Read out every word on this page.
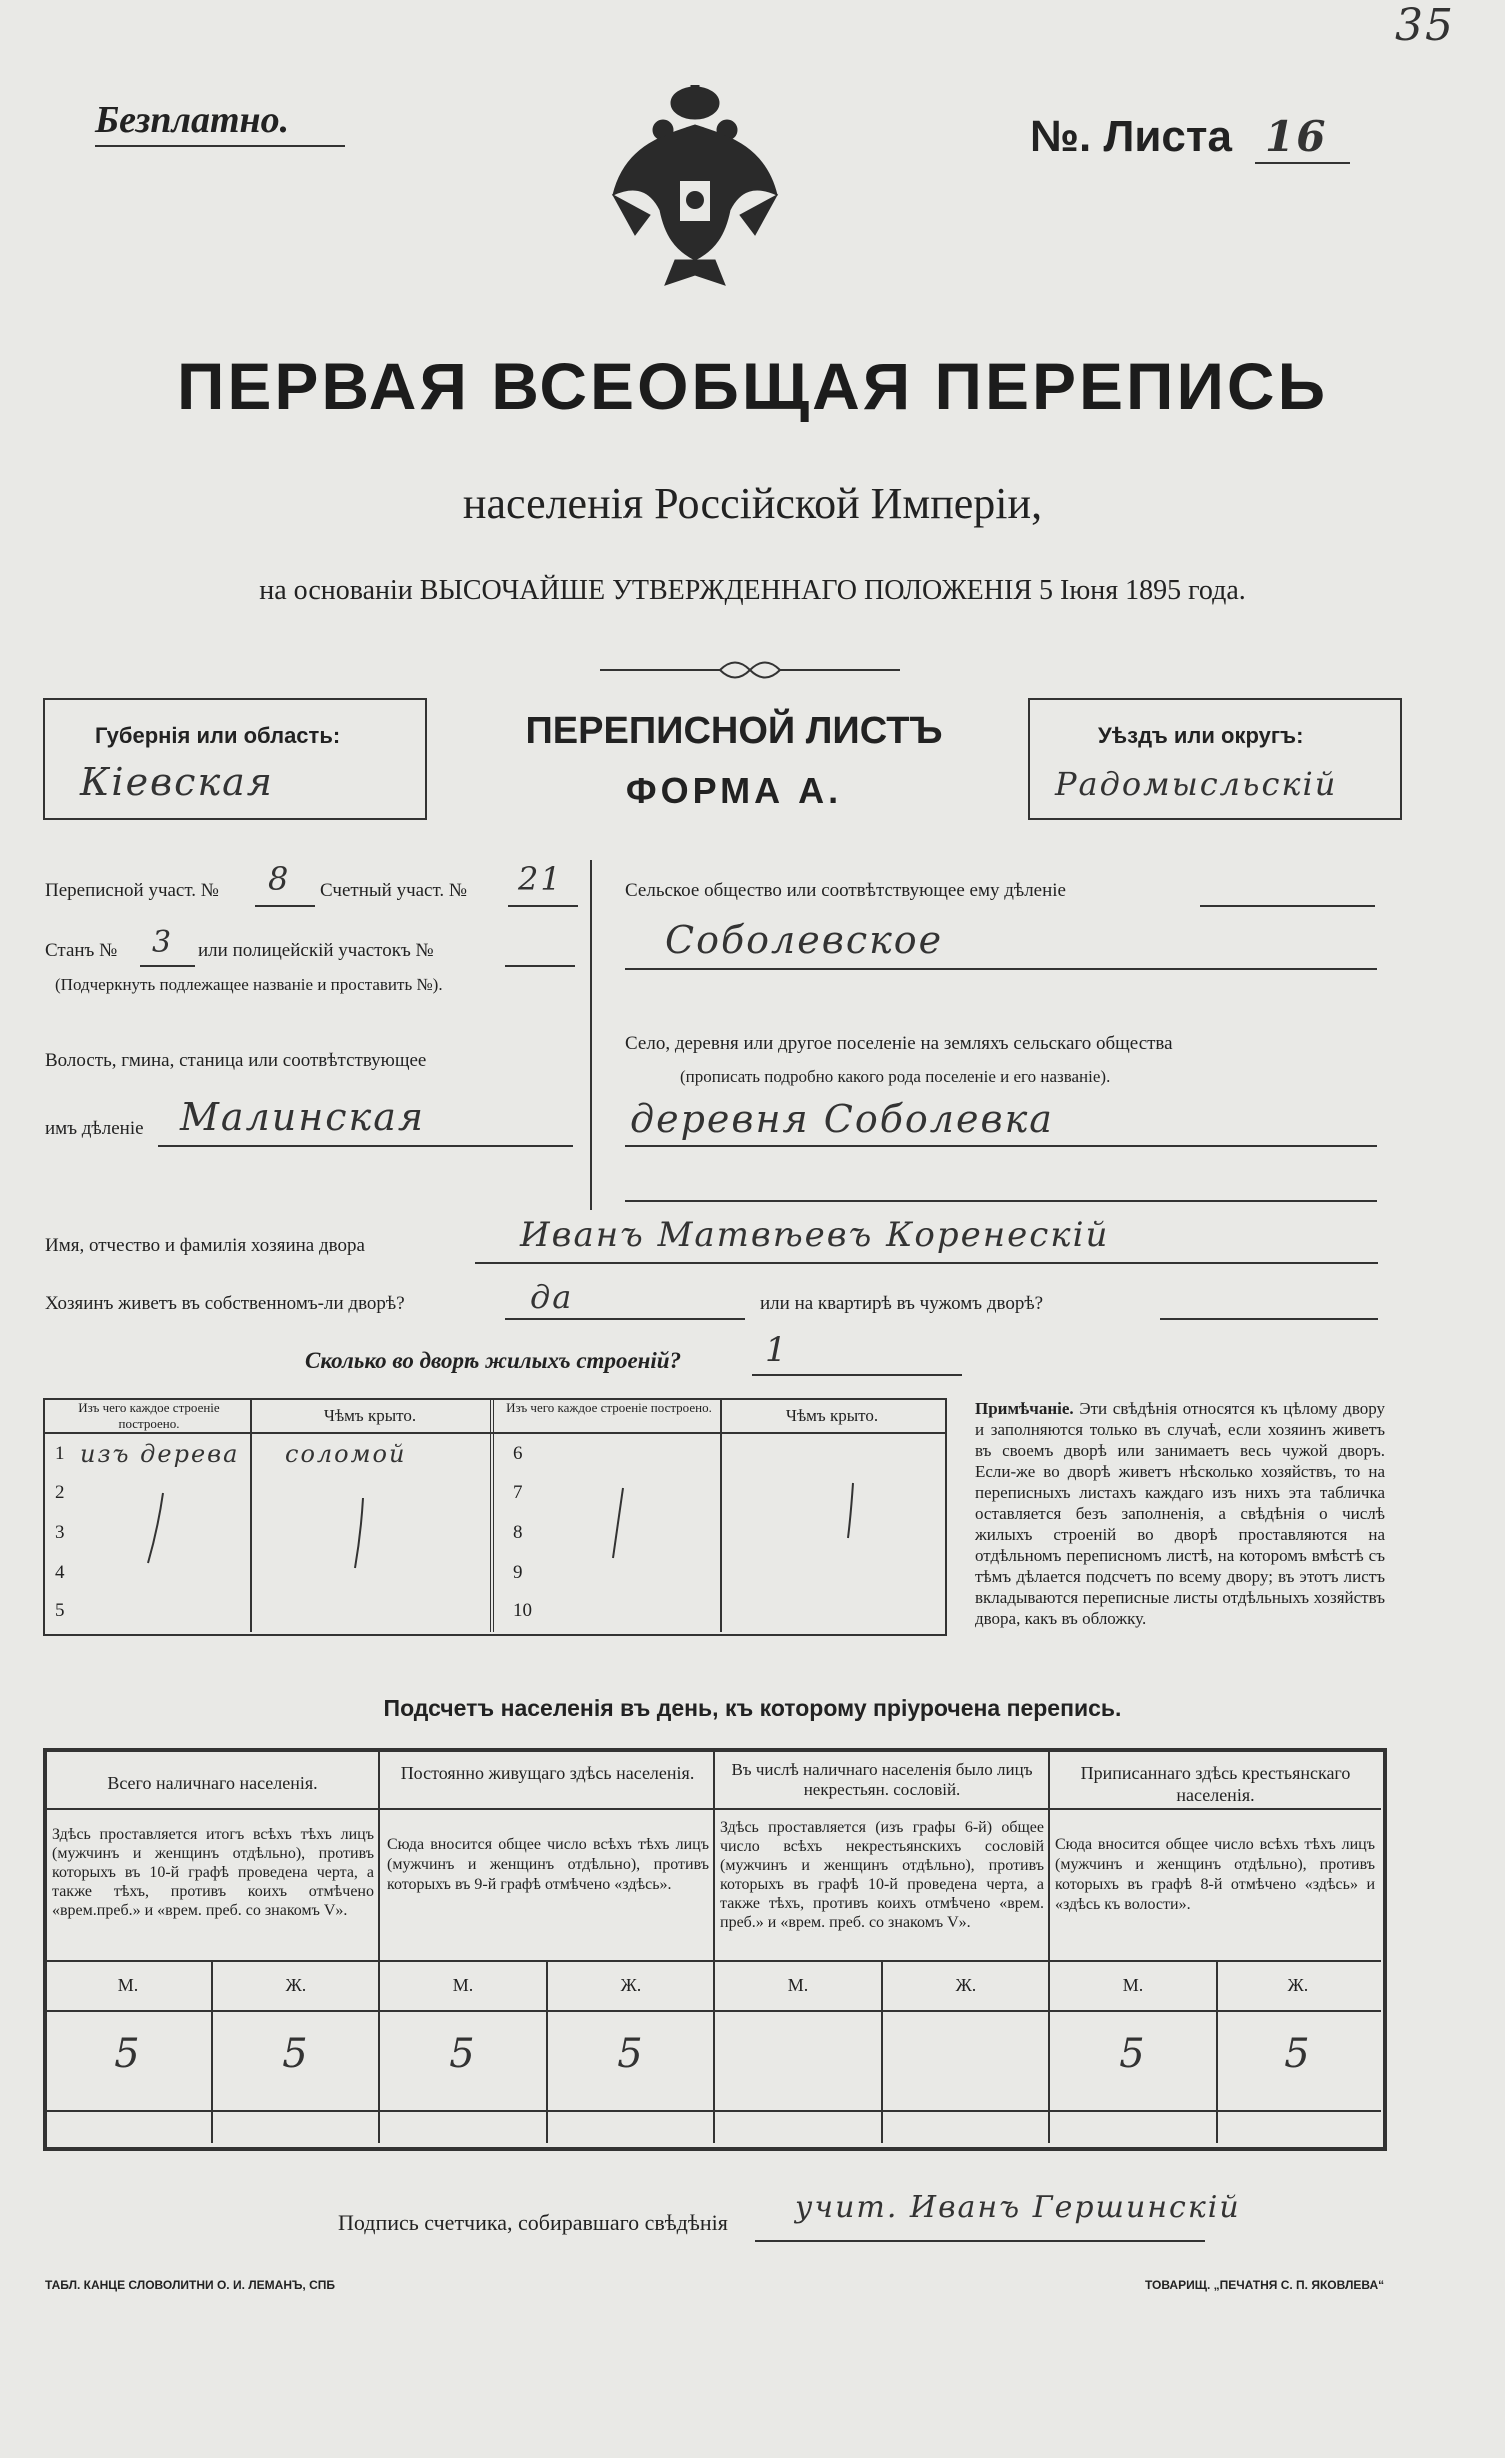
35
Безплатно.	№. Листа 16
ПЕРВАЯ ВСЕОБЩАЯ ПЕРЕПИСЬ
населенія Россійской Имперіи,
на основаніи ВЫСОЧАЙШЕ УТВЕРЖДЕННАГО ПОЛОЖЕНІЯ 5 Іюня 1895 года.
Губернія или область:
Кіевская
ПЕРЕПИСНОЙ ЛИСТЪ
ФОРМА А.
Уѣздъ или округъ:
Радомысльскій
Переписной участ. № 8 Счетный участ. № 21
Станъ № 3 или полицейскій участокъ №
(Подчеркнуть подлежащее названіе и проставить №).
Волость, гмина, станица или соотвѣтствующее
имъ дѣленіе Малинская
Сельское общество или соотвѣтствующее ему дѣленіе
Соболевское
Село, деревня или другое поселеніе на земляхъ сельскаго общества
(прописать подробно какого рода поселеніе и его названіе).
деревня Соболевка
Имя, отчество и фамилія хозяина двора	Иванъ Матвѣевъ Коренескій
Хозяинъ живетъ въ собственномъ-ли дворѣ?	да	или на квартирѣ въ чужомъ дворѣ?
Сколько во дворѣ жилыхъ строеній? 1
Изъ чего каждое строеніе построено.	Чѣмъ крыто.	Изъ чего каждое строеніе построено.	Чѣмъ крыто.
1 изъ дерева соломой
2
3
4
5
6
7
8
9
10
Примѣчаніе. Эти свѣдѣнія относятся къ цѣлому двору и заполняются только въ случаѣ, если хозяинъ живетъ въ своемъ дворѣ или занимаетъ весь чужой дворъ. Если-же во дворѣ живетъ нѣсколько хозяйствъ, то на переписныхъ листахъ каждаго изъ нихъ эта табличка оставляется безъ заполненія, а свѣдѣнія о числѣ жилыхъ строеній во дворѣ проставляются на отдѣльномъ переписномъ листѣ, на которомъ вмѣстѣ съ тѣмъ дѣлается подсчетъ по всему двору; въ этотъ листъ вкладываются переписные листы отдѣльныхъ хозяйствъ двора, какъ въ обложку.
Подсчетъ населенія въ день, къ которому пріурочена перепись.
Всего наличнаго населенія.
Здѣсь проставляется итогъ всѣхъ тѣхъ лицъ (мужчинъ и женщинъ отдѣльно), противъ которыхъ въ 10-й графѣ проведена черта, а также тѣхъ, противъ коихъ отмѣчено «врем.преб.» и «врем. преб. со знакомъ V».
М.	Ж.
5	5
Постоянно живущаго здѣсь населенія.
Сюда вносится общее число всѣхъ тѣхъ лицъ (мужчинъ и женщинъ отдѣльно), противъ которыхъ въ 9-й графѣ отмѣчено «здѣсь».
М.	Ж.
5	5
Въ числѣ наличнаго населенія было лицъ некрестьян. сословій.
Здѣсь проставляется (изъ графы 6-й) общее число всѣхъ некрестьянскихъ сословій (мужчинъ и женщинъ отдѣльно), противъ которыхъ въ графѣ 10-й проведена черта, а также тѣхъ, противъ коихъ отмѣчено «врем. преб.» и «врем. преб. со знакомъ V».
М.	Ж.
Приписаннаго здѣсь крестьянскаго населенія.
Сюда вносится общее число всѣхъ тѣхъ лицъ (мужчинъ и женщинъ отдѣльно), противъ которыхъ въ графѣ 8-й отмѣчено «здѣсь» и «здѣсь къ волости».
М.	Ж.
5	5
Подпись счетчика, собиравшаго свѣдѣнія учит. Иванъ Гершинскій
ТАБЛ. КАНЦЕ СЛОВОЛИТНИ О. И. ЛЕМАНЪ, СПБ	ТОВАРИЩ. „ПЕЧАТНЯ С. П. ЯКОВЛЕВА“
